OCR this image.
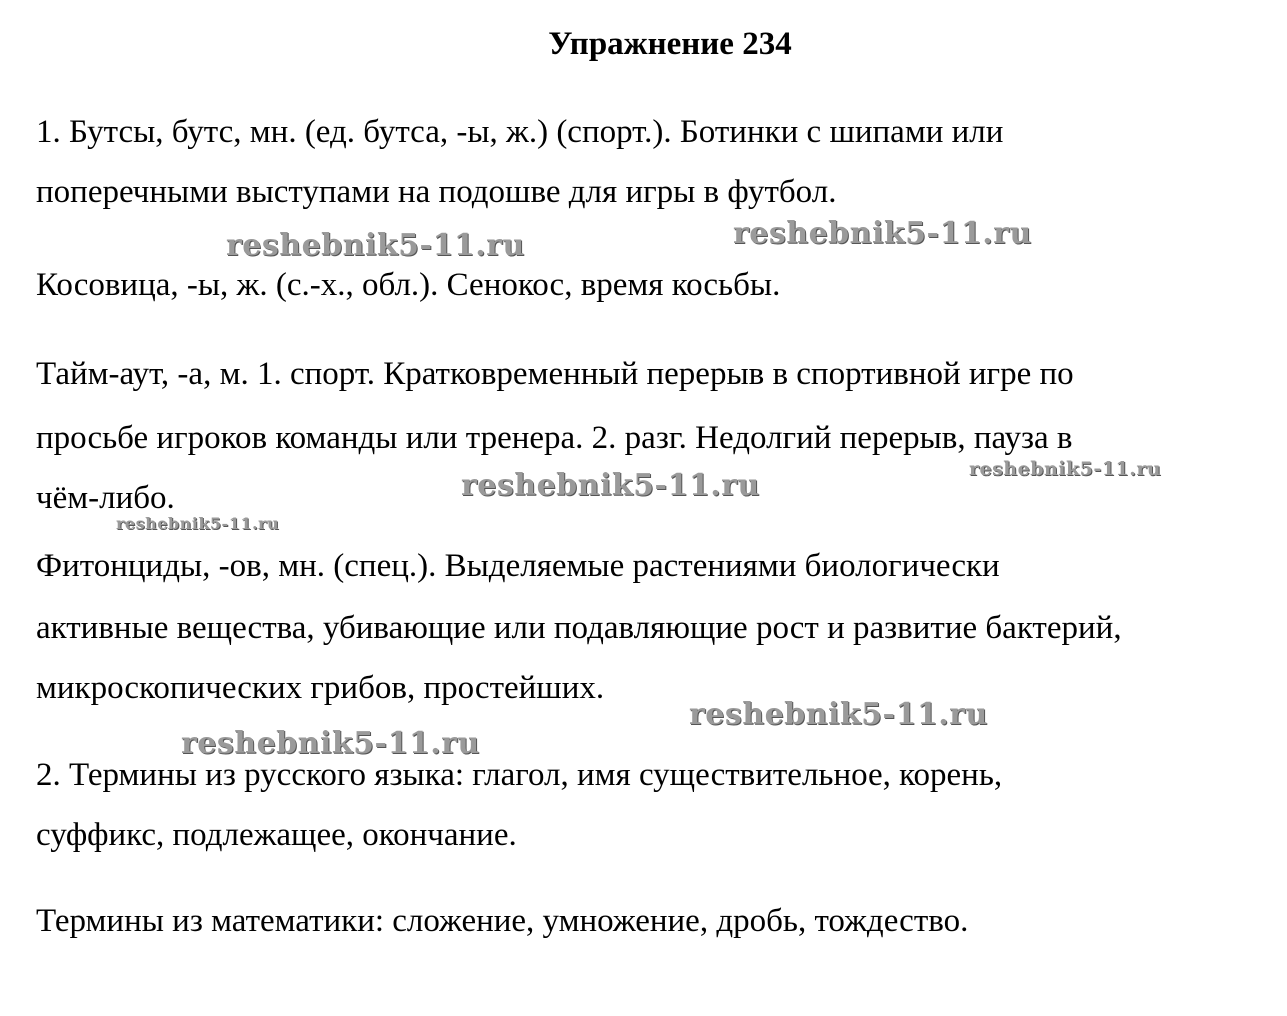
Упражнение 234
1. Бутсы, бутс, мн. (ед. бутса, -ы, ж.) (спорт.). Ботинки с шипами или
поперечными выступами на подошве для игры в футбол.
Косовица, -ы, ж. (с.-х., обл.). Сенокос, время косьбы.
Тайм-аут, -а, м. 1. спорт. Кратковременный перерыв в спортивной игре по
просьбе игроков команды или тренера. 2. разг. Недолгий перерыв, пауза в
чём-либо.
Фитонциды, -ов, мн. (спец.). Выделяемые растениями биологически
активные вещества, убивающие или подавляющие рост и развитие бактерий,
микроскопических грибов, простейших.
2. Термины из русского языка: глагол, имя существительное, корень,
суффикс, подлежащее, окончание.
Термины из математики: сложение, умножение, дробь, тождество.
reshebnik5-11.ru	reshebnik5-11.ru
reshebnik5-11.ru
reshebnik5-11.ru
reshebnik5-11.ru
reshebnik5-11.ru
reshebnik5-11.ru
